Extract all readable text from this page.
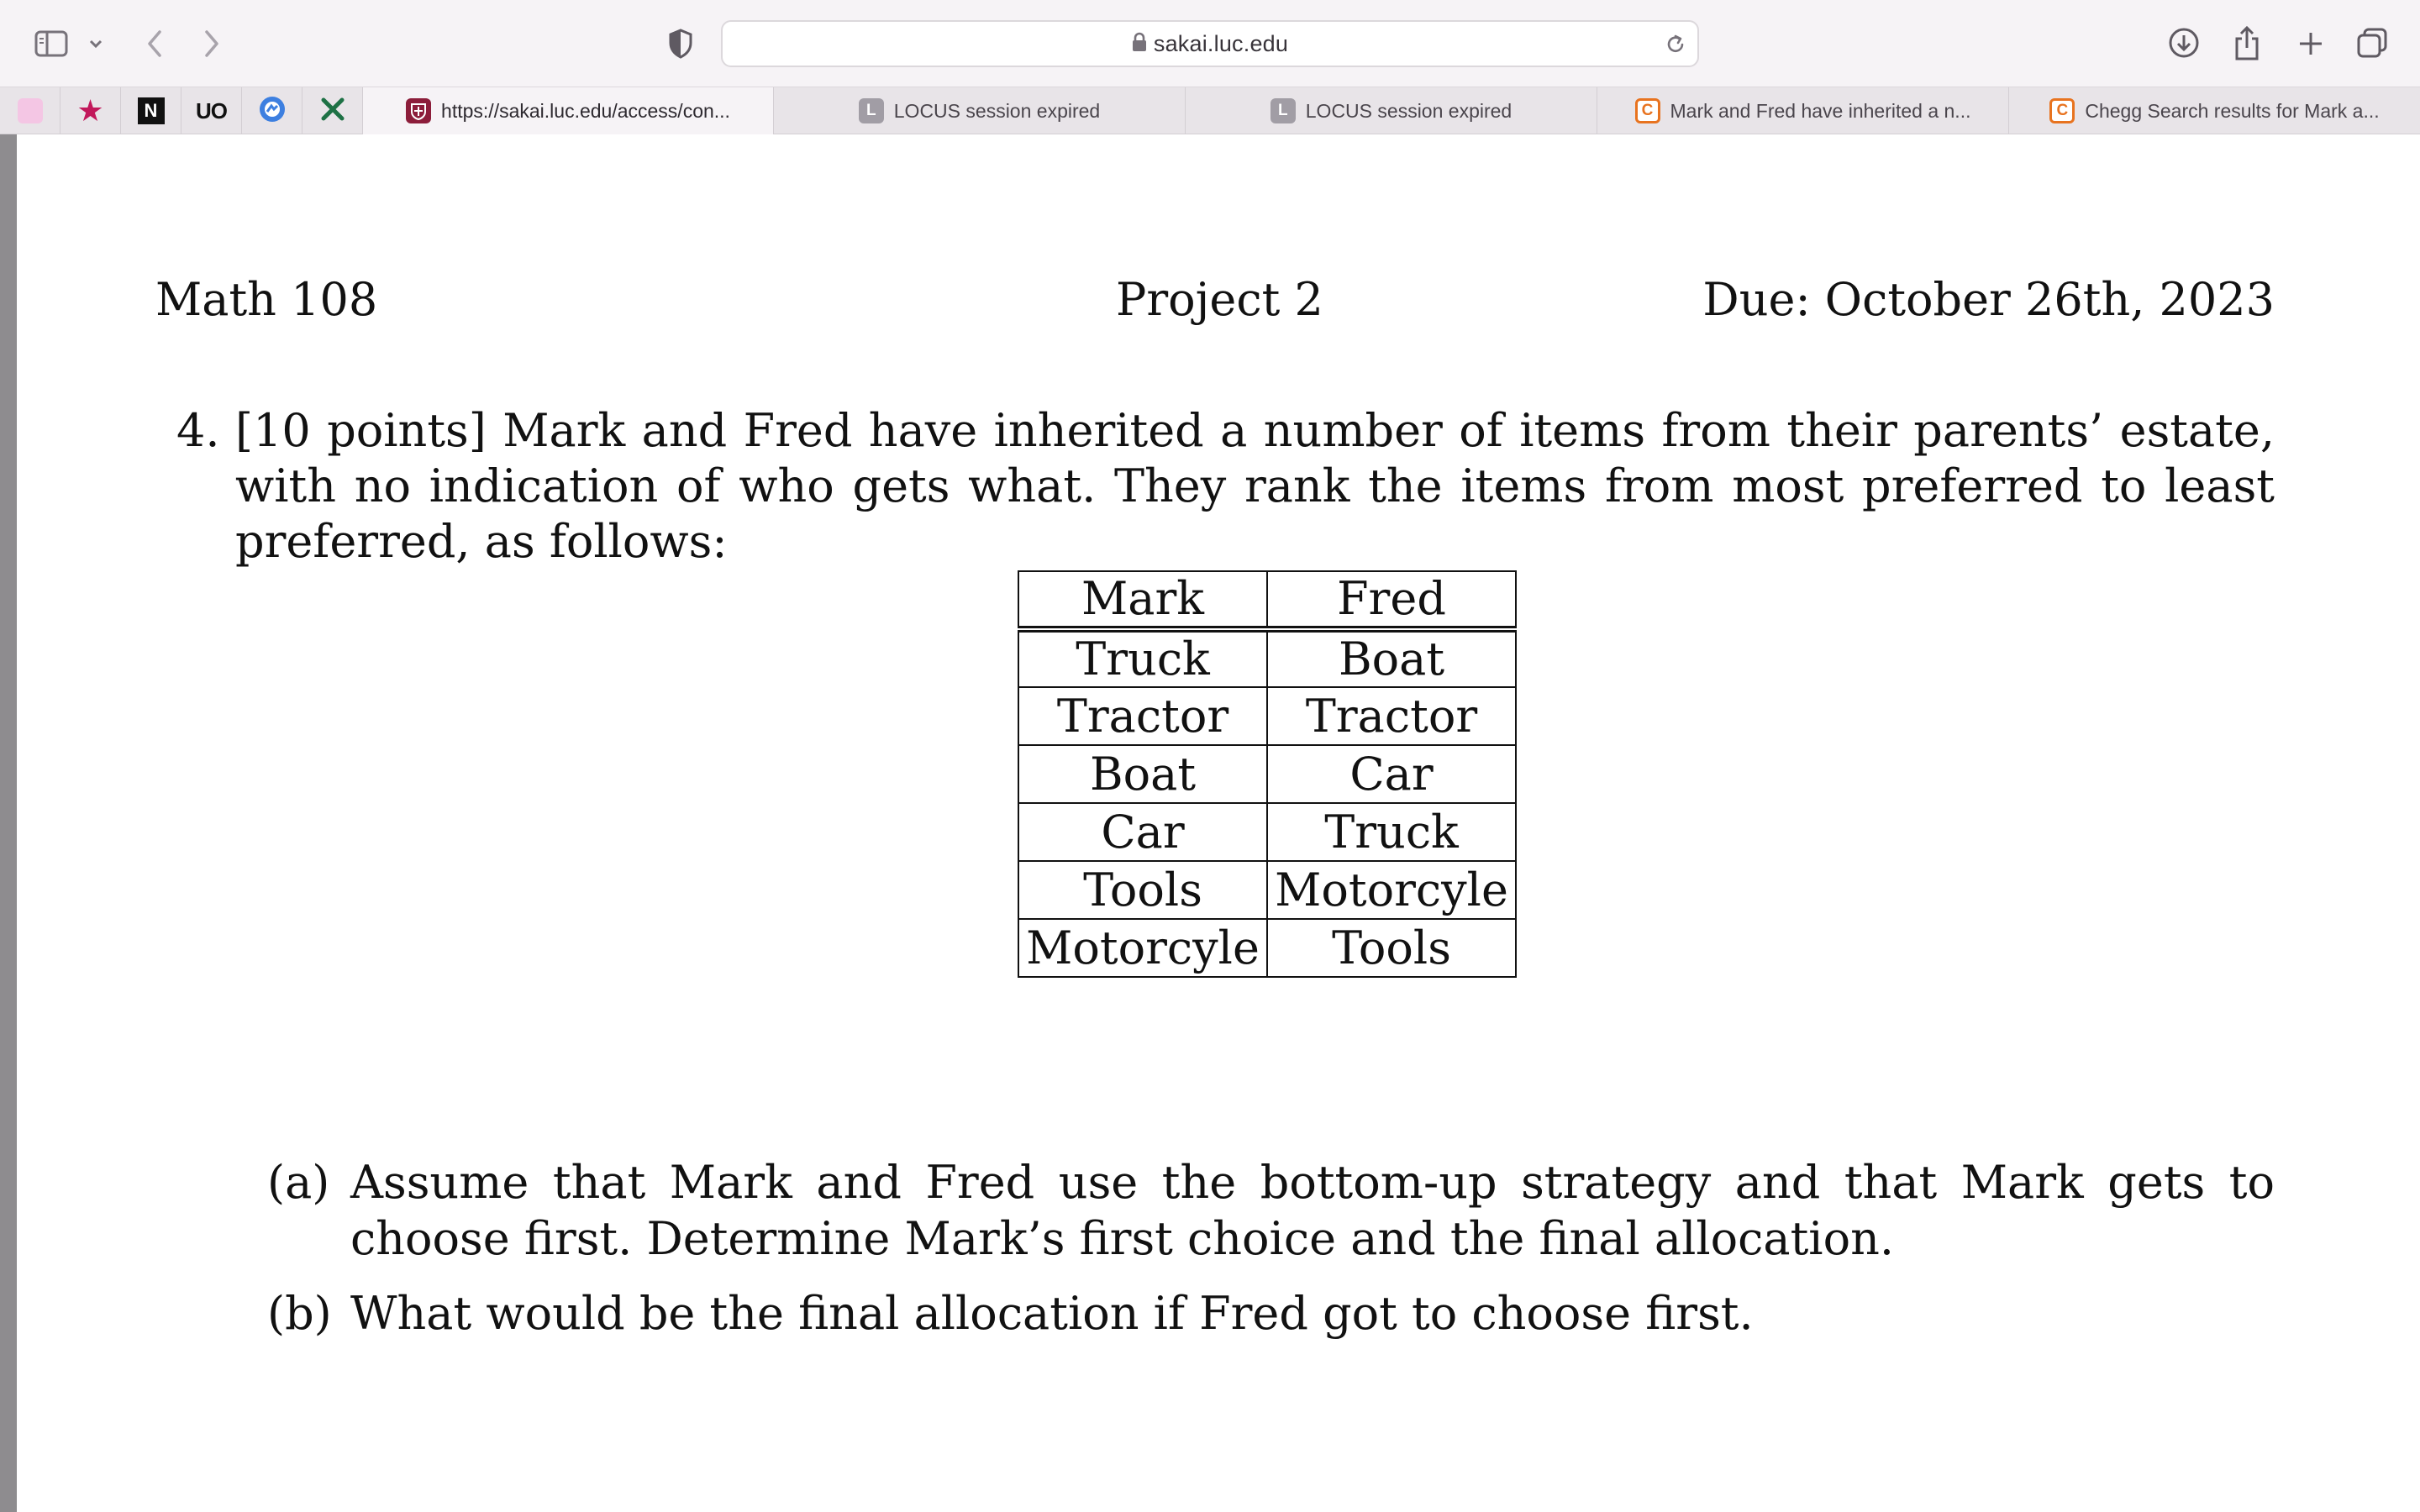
sakai.luc.edu
★	N	UO	https://sakai.luc.edu/access/con...	L LOCUS session expired	L LOCUS session expired	C Mark and Fred have inherited a n...	C Chegg Search results for Mark a...
Math 108	Project 2	Due: October 26th, 2023
4. [10 points] Mark and Fred have inherited a number of items from their parents’ estate, with no indication of who gets what. They rank the items from most preferred to least preferred, as follows:
Mark	Fred
Truck	Boat
Tractor	Tractor
Boat	Car
Car	Truck
Tools	Motorcyle
Motorcyle	Tools
(a) Assume that Mark and Fred use the bottom-up strategy and that Mark gets to choose first. Determine Mark’s first choice and the final allocation.
(b) What would be the final allocation if Fred got to choose first.
